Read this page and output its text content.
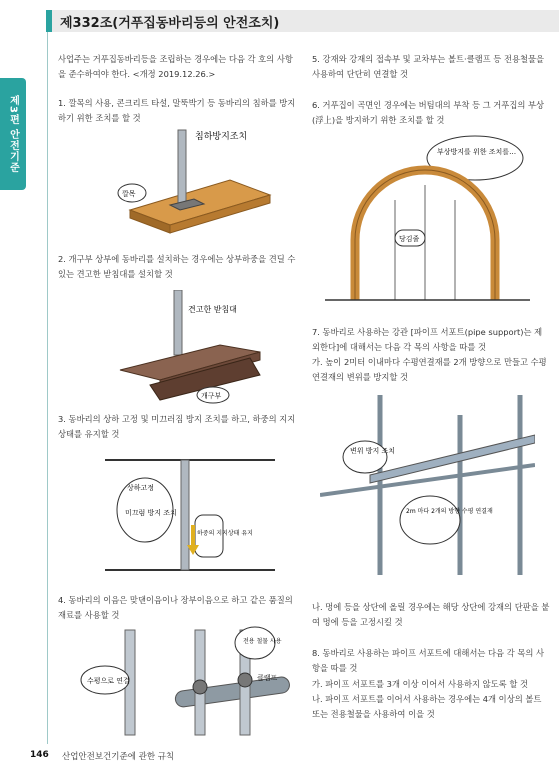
제332조(거푸집동바리등의 안전조치)
제3편 안전기준
사업주는 거푸집동바리등을 조립하는 경우에는 다음 각 호의 사항을 준수하여야 한다. <개정 2019.12.26.>
1. 깔목의 사용, 콘크리트 타설, 말뚝박기 등 동바리의 침하를 방지하기 위한 조치를 할 것
침하방지조치
깔목
2. 개구부 상부에 동바리를 설치하는 경우에는 상부하중을 견딜 수 있는 견고한 받침대를 설치할 것
견고한 받침대
개구부
3. 동바리의 상하 고정 및 미끄러짐 방지 조치를 하고, 하중의 지지상태를 유지할 것
상하고정
미끄럼 방지 조치
하중의 지지상태 유지
4. 동바리의 이음은 맞댄이음이나 장부이음으로 하고 같은 품질의 재료를 사용할 것
수평으로 연결
전용 철물 사용
클램프
5. 강재와 강재의 접속부 및 교차부는 볼트·클램프 등 전용철물을 사용하여 단단히 연결할 것
6. 거푸집이 곡면인 경우에는 버팀대의 부착 등 그 거푸집의 부상(浮上)을 방지하기 위한 조치를 할 것
부상방지를 위한 조치를…
당김줄
7. 동바리로 사용하는 강관 [파이프 서포트(pipe support)는 제외한다]에 대해서는 다음 각 목의 사항을 따를 것
가. 높이 2미터 이내마다 수평연결재를 2개 방향으로 만들고 수평연결재의 변위를 방지할 것
변위 방지 조치
2m 마다 2개의 방향 수평 연결재
나. 멍에 등을 상단에 올릴 경우에는 해당 상단에 강재의 단판을 붙여 멍에 등을 고정시킬 것
8. 동바리로 사용하는 파이프 서포트에 대해서는 다음 각 목의 사항을 따를 것
가. 파이프 서포트를 3개 이상 이어서 사용하지 않도록 할 것
나. 파이프 서포트를 이어서 사용하는 경우에는 4개 이상의 볼트 또는 전용철물을 사용하여 이을 것
146 산업안전보건기준에 관한 규칙
